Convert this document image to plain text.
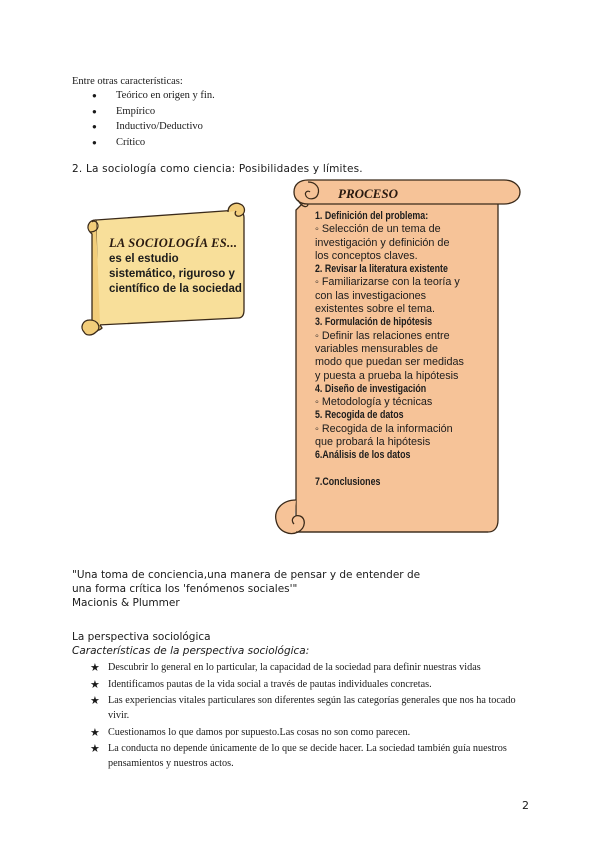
Entre otras características:
● Teórico en origen y fin.
● Empírico
● Inductivo/Deductivo
● Crítico
2. La sociología como ciencia: Posibilidades y límites.
LA SOCIOLOGÍA ES...
es el estudio
sistemático, riguroso y
científico de la sociedad
PROCESO
1. Definición del problema:
◦ Selección de un tema de
investigación y definición de
los conceptos claves.
2. Revisar la literatura existente
◦ Familiarizarse con la teoría y
con las investigaciones
existentes sobre el tema.
3. Formulación de hipótesis
◦ Definir las relaciones entre
variables mensurables de
modo que puedan ser medidas
y puesta a prueba la hipótesis
4. Diseño de investigación
◦ Metodología y técnicas
5. Recogida de datos
◦ Recogida de la información
que probará la hipótesis
6.Análisis de los datos

7.Conclusiones
"Una toma de conciencia,una manera de pensar y de entender de
una forma crítica los 'fenómenos sociales'"
Macionis & Plummer
La perspectiva sociológica
Características de la perspectiva sociológica:
★ Descubrir lo general en lo particular, la capacidad de la sociedad para definir nuestras vidas
★ Identificamos pautas de la vida social a través de pautas individuales concretas.
★ Las experiencias vitales particulares son diferentes según las categorías generales que nos ha tocado vivir.
★ Cuestionamos lo que damos por supuesto.Las cosas no son como parecen.
★ La conducta no depende únicamente de lo que se decide hacer. La sociedad también guía nuestros pensamientos y nuestros actos.
2
